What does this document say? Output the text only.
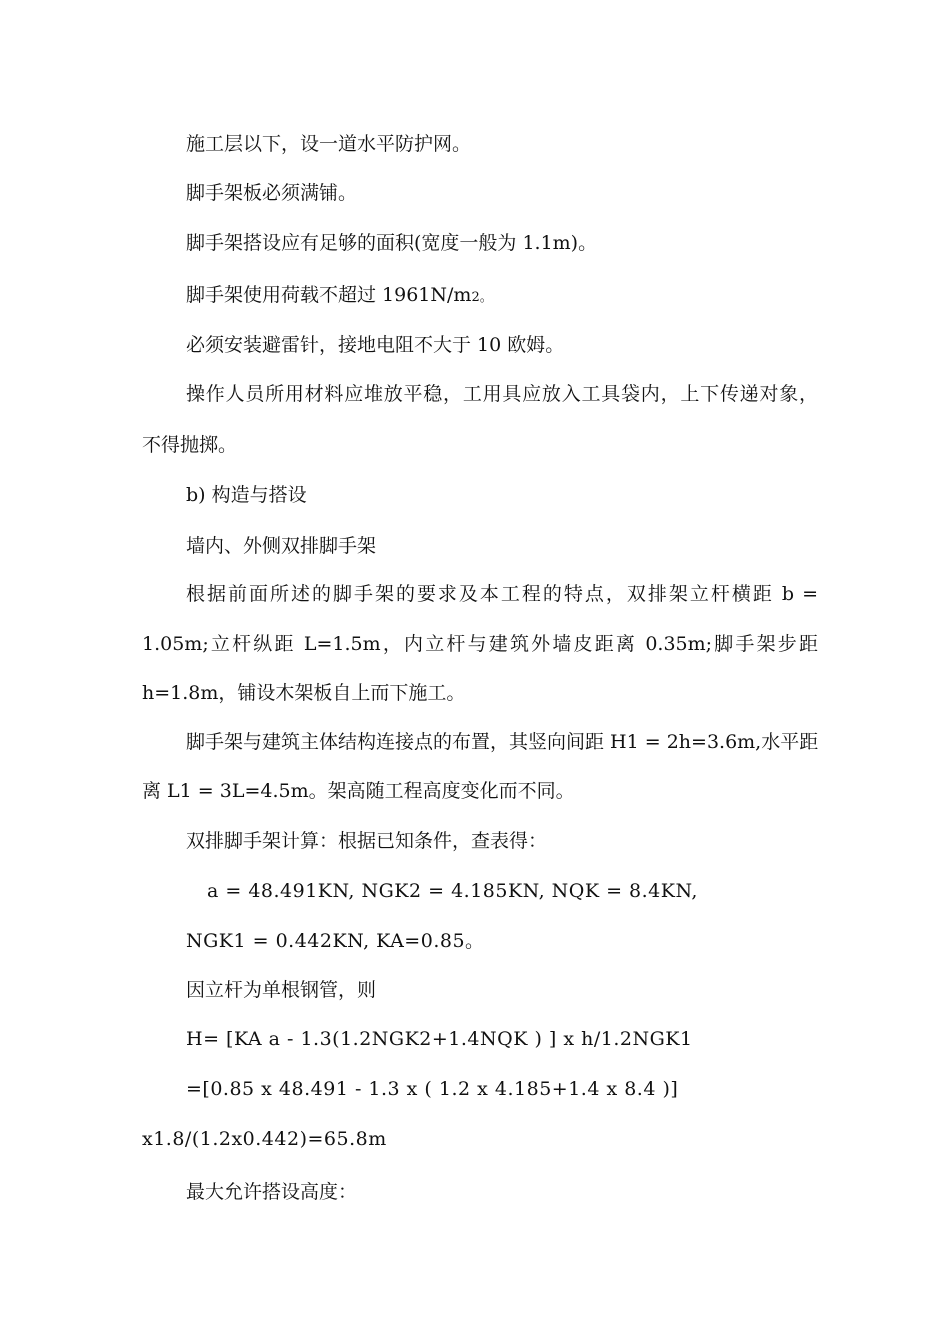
施工层以下，设一道水平防护网。
脚手架板必须满铺。
脚手架搭设应有足够的面积(宽度一般为 1.1m)。
脚手架使用荷载不超过 1961N/m2。
必须安装避雷针，接地电阻不大于 10 欧姆。
操作人员所用材料应堆放平稳，工用具应放入工具袋内，上下传递对象，
不得抛掷。
b) 构造与搭设
墙内、外侧双排脚手架
根据前面所述的脚手架的要求及本工程的特点，双排架立杆横距 b =
1.05m;立杆纵距 L=1.5m，内立杆与建筑外墙皮距离 0.35m;脚手架步距
h=1.8m，铺设木架板自上而下施工。
脚手架与建筑主体结构连接点的布置，其竖向间距 H1 = 2h=3.6m,水平距
离 L1 = 3L=4.5m。架高随工程高度变化而不同。
双排脚手架计算：根据已知条件，查表得：
a = 48.491KN, NGK2 = 4.185KN, NQK = 8.4KN,
NGK1 = 0.442KN, KA=0.85。
因立杆为单根钢管，则
H= [KA a - 1.3(1.2NGK2+1.4NQK ) ] x h/1.2NGK1
=[0.85 x 48.491 - 1.3 x ( 1.2 x 4.185+1.4 x 8.4 )]
x1.8/(1.2x0.442)=65.8m
最大允许搭设高度：
